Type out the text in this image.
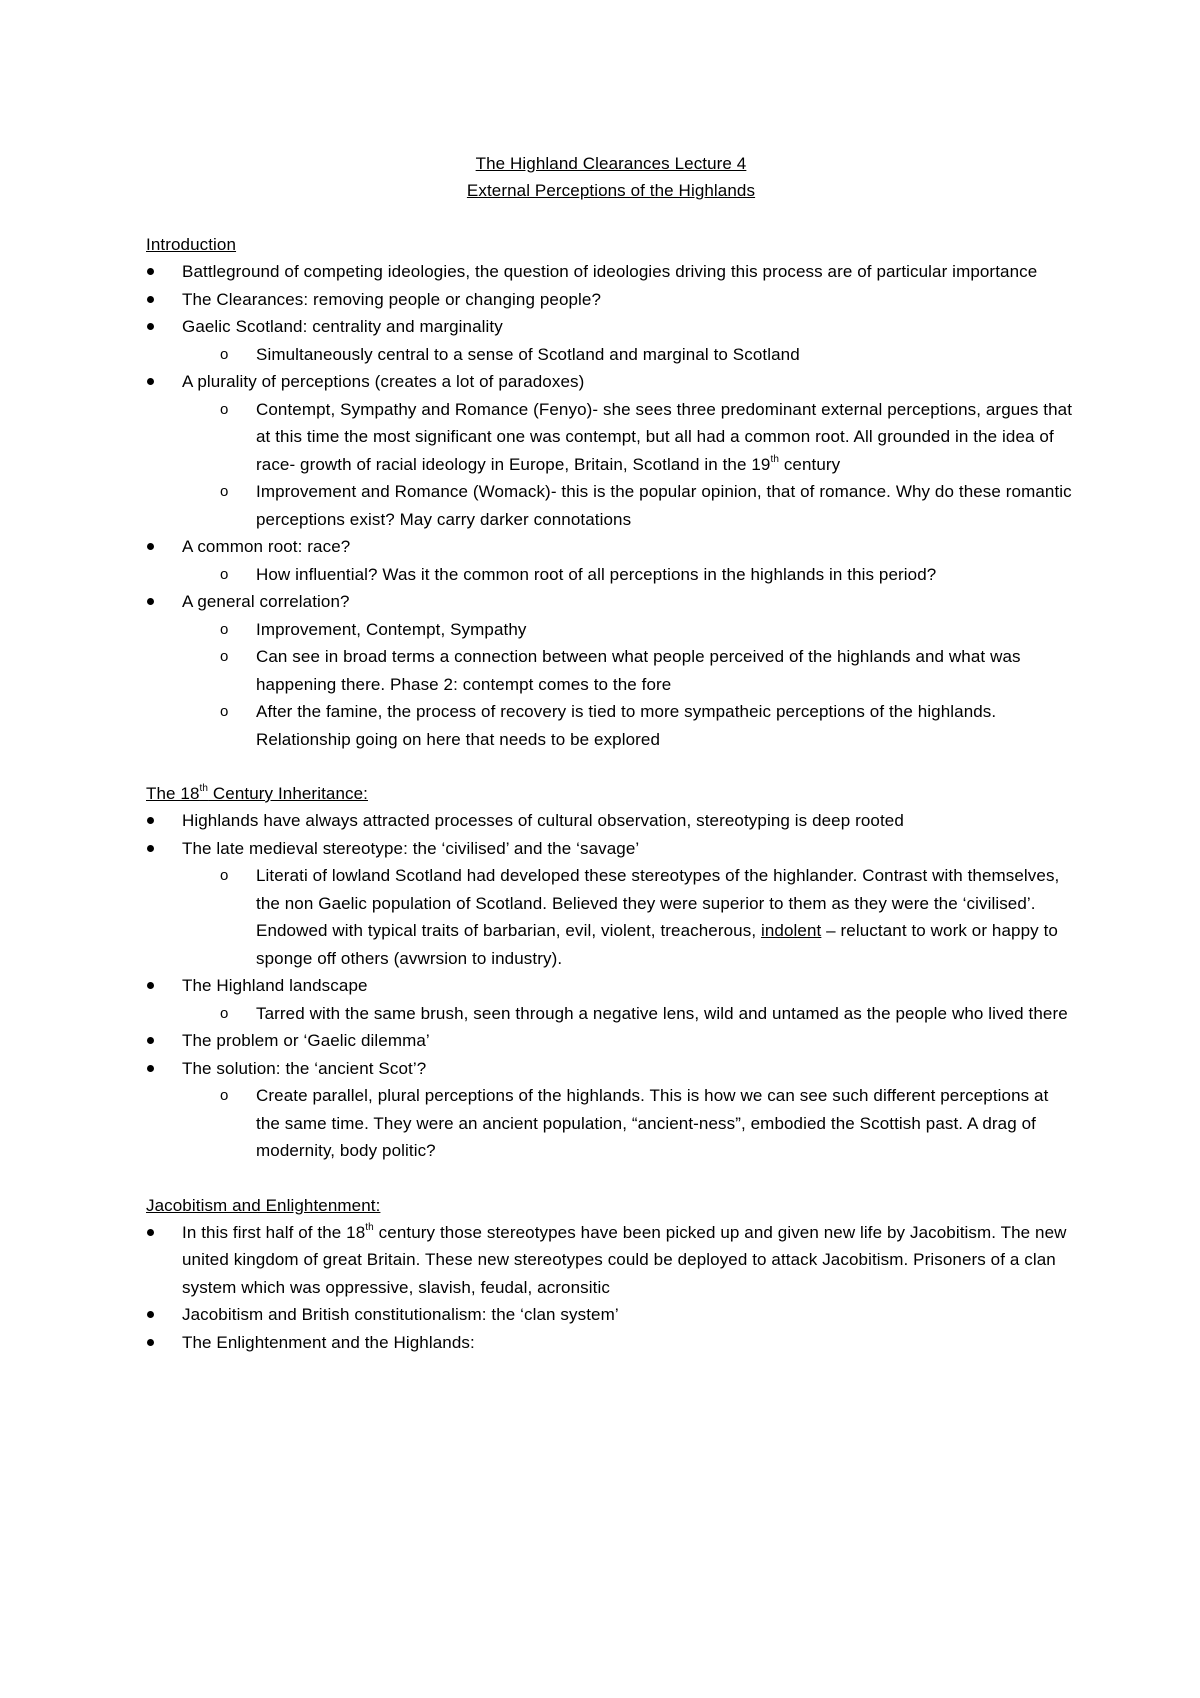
The Highland Clearances Lecture 4

External Perceptions of the Highlands

Introduction

Battleground of competing ideologies, the question of ideologies driving this process are of particular importance
The Clearances: removing people or changing people?
Gaelic Scotland: centrality and marginality
o Simultaneously central to a sense of Scotland and marginal to Scotland
A plurality of perceptions (creates a lot of paradoxes)
o Contempt, Sympathy and Romance (Fenyo)- she sees three predominant external perceptions, argues that at this time the most significant one was contempt, but all had a common root. All grounded in the idea of race- growth of racial ideology in Europe, Britain, Scotland in the 19th century
o Improvement and Romance (Womack)- this is the popular opinion, that of romance. Why do these romantic perceptions exist? May carry darker connotations
A common root: race?
o How influential? Was it the common root of all perceptions in the highlands in this period?
A general correlation?
o Improvement, Contempt, Sympathy
o Can see in broad terms a connection between what people perceived of the highlands and what was happening there. Phase 2: contempt comes to the fore
o After the famine, the process of recovery is tied to more sympatheic perceptions of the highlands. Relationship going on here that needs to be explored

The 18th Century Inheritance:

Highlands have always attracted processes of cultural observation, stereotyping is deep rooted
The late medieval stereotype: the ‘civilised’ and the ‘savage’
o Literati of lowland Scotland had developed these stereotypes of the highlander. Contrast with themselves, the non Gaelic population of Scotland. Believed they were superior to them as they were the ‘civilised’. Endowed with typical traits of barbarian, evil, violent, treacherous, indolent – reluctant to work or happy to sponge off others (avwrsion to industry).
The Highland landscape
o Tarred with the same brush, seen through a negative lens, wild and untamed as the people who lived there
The problem or ‘Gaelic dilemma’
The solution: the ‘ancient Scot’?
o Create parallel, plural perceptions of the highlands. This is how we can see such different perceptions at the same time. They were an ancient population, “ancient-ness”, embodied the Scottish past. A drag of modernity, body politic?

Jacobitism and Enlightenment:

In this first half of the 18th century those stereotypes have been picked up and given new life by Jacobitism. The new united kingdom of great Britain. These new stereotypes could be deployed to attack Jacobitism. Prisoners of a clan system which was oppressive, slavish, feudal, acronsitic
Jacobitism and British constitutionalism: the ‘clan system’
The Enlightenment and the Highlands:
